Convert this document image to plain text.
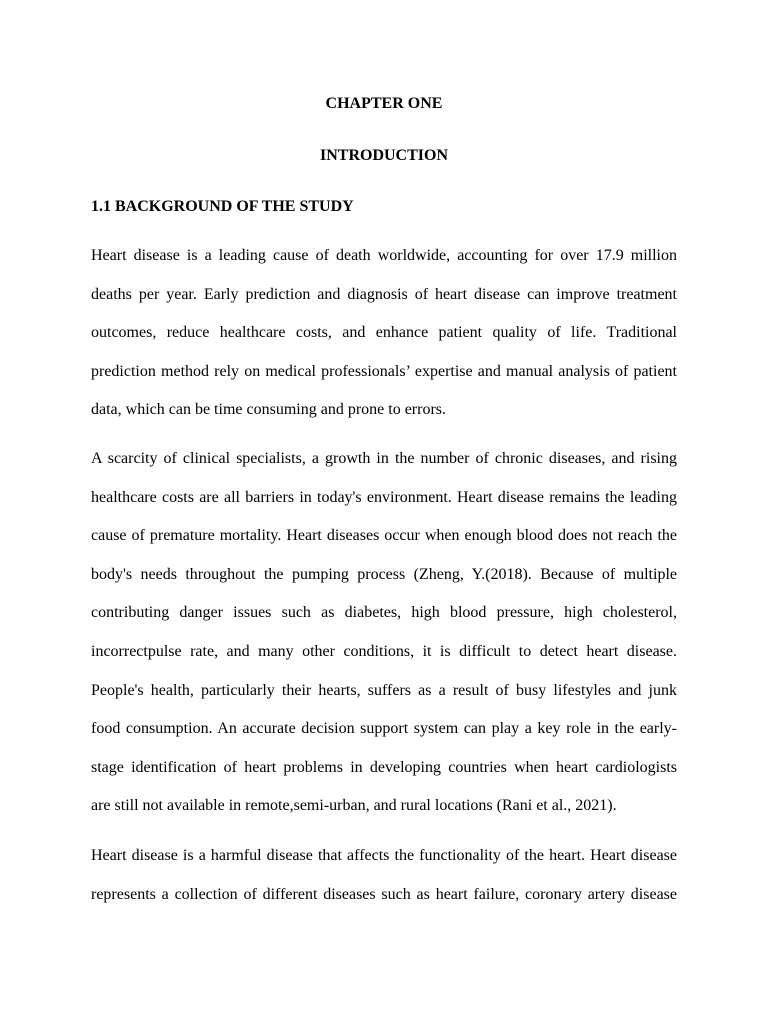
CHAPTER ONE
INTRODUCTION
1.1 BACKGROUND OF THE STUDY

Heart disease is a leading cause of death worldwide, accounting for over 17.9 million
deaths per year. Early prediction and diagnosis of heart disease can improve treatment
outcomes, reduce healthcare costs, and enhance patient quality of life. Traditional
prediction method rely on medical professionals’ expertise and manual analysis of patient
data, which can be time consuming and prone to errors.

A scarcity of clinical specialists, a growth in the number of chronic diseases, and rising
healthcare costs are all barriers in today's environment. Heart disease remains the leading
cause of premature mortality. Heart diseases occur when enough blood does not reach the
body's needs throughout the pumping process (Zheng, Y.(2018). Because of multiple
contributing danger issues such as diabetes, high blood pressure, high cholesterol,
incorrectpulse rate, and many other conditions, it is difficult to detect heart disease.
People's health, particularly their hearts, suffers as a result of busy lifestyles and junk
food consumption. An accurate decision support system can play a key role in the early-
stage identification of heart problems in developing countries when heart cardiologists
are still not available in remote,semi-urban, and rural locations (Rani et al., 2021).

Heart disease is a harmful disease that affects the functionality of the heart. Heart disease
represents a collection of different diseases such as heart failure, coronary artery disease
